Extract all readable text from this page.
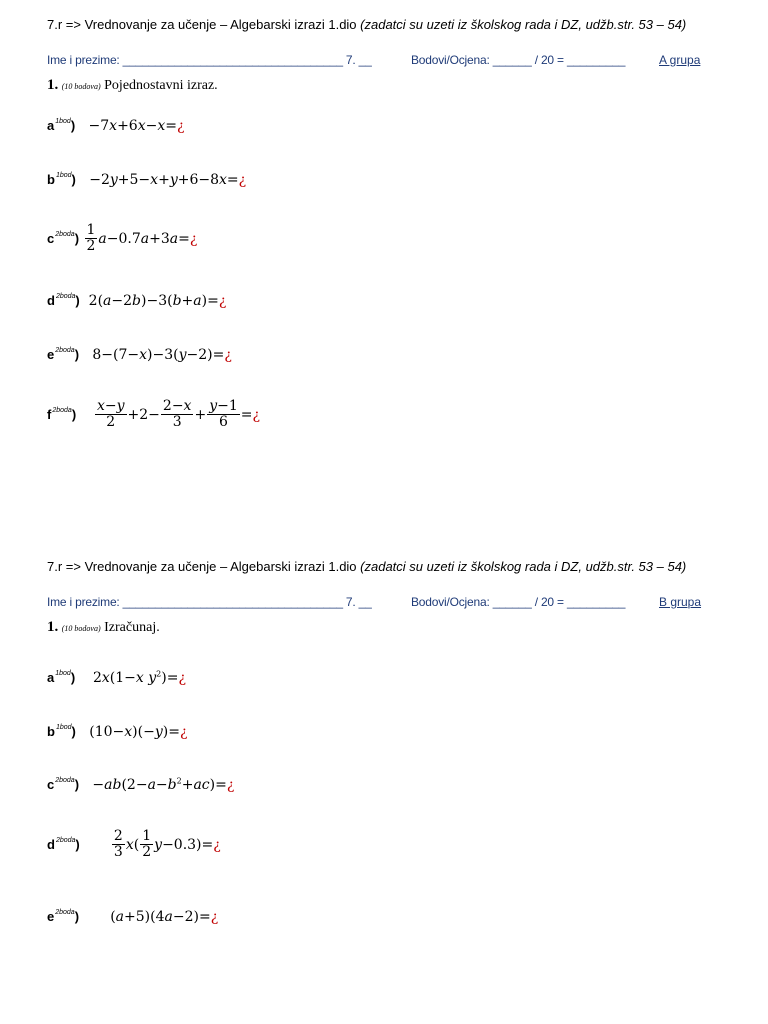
7.r => Vrednovanje za učenje – Algebarski izrazi 1.dio (zadatci su uzeti iz školskog rada i DZ, udžb.str. 53 – 54)
Ime i prezime: __________________________________ 7. __	Bodovi/Ocjena: ______ / 20 = _________	A grupa
1. (10 bodova) Pojednostavni izraz.
$a^{1bod}$)   −7x+6x−x=¿
$b^{1bod}$)   −2y+5−x+y+6−8x=¿
$c^{2boda}) \frac{1}{2}$ a−0.7a+3a=¿
$d^{2boda}$)  2(a−2b)−3(b+a)=¿
$e^{2boda}$)   8−(7−x)−3(y−2)=¿
$f^{2boda}) \frac{x-y}{2} +2- \frac{2-x}{3} + \frac{y-1}{6}$ =¿
7.r => Vrednovanje za učenje – Algebarski izrazi 1.dio (zadatci su uzeti iz školskog rada i DZ, udžb.str. 53 – 54)
Ime i prezime: __________________________________ 7. __	Bodovi/Ocjena: ______ / 20 = _________	B grupa
1. (10 bodova) Izračunaj.
$a^{1bod}$)    2x(1−x $y^2)=¿$
$b^{1bod}$)   (10−x)(−y)=¿
$c^{2boda}$)   $-ab(2-a-b^2+ac)=¿$
$d^{2boda}) \frac{2}{3} x( \frac{1}{2}$ y−0.3)=¿
$e^{2boda}$)       (a+5)(4a−2)=¿
